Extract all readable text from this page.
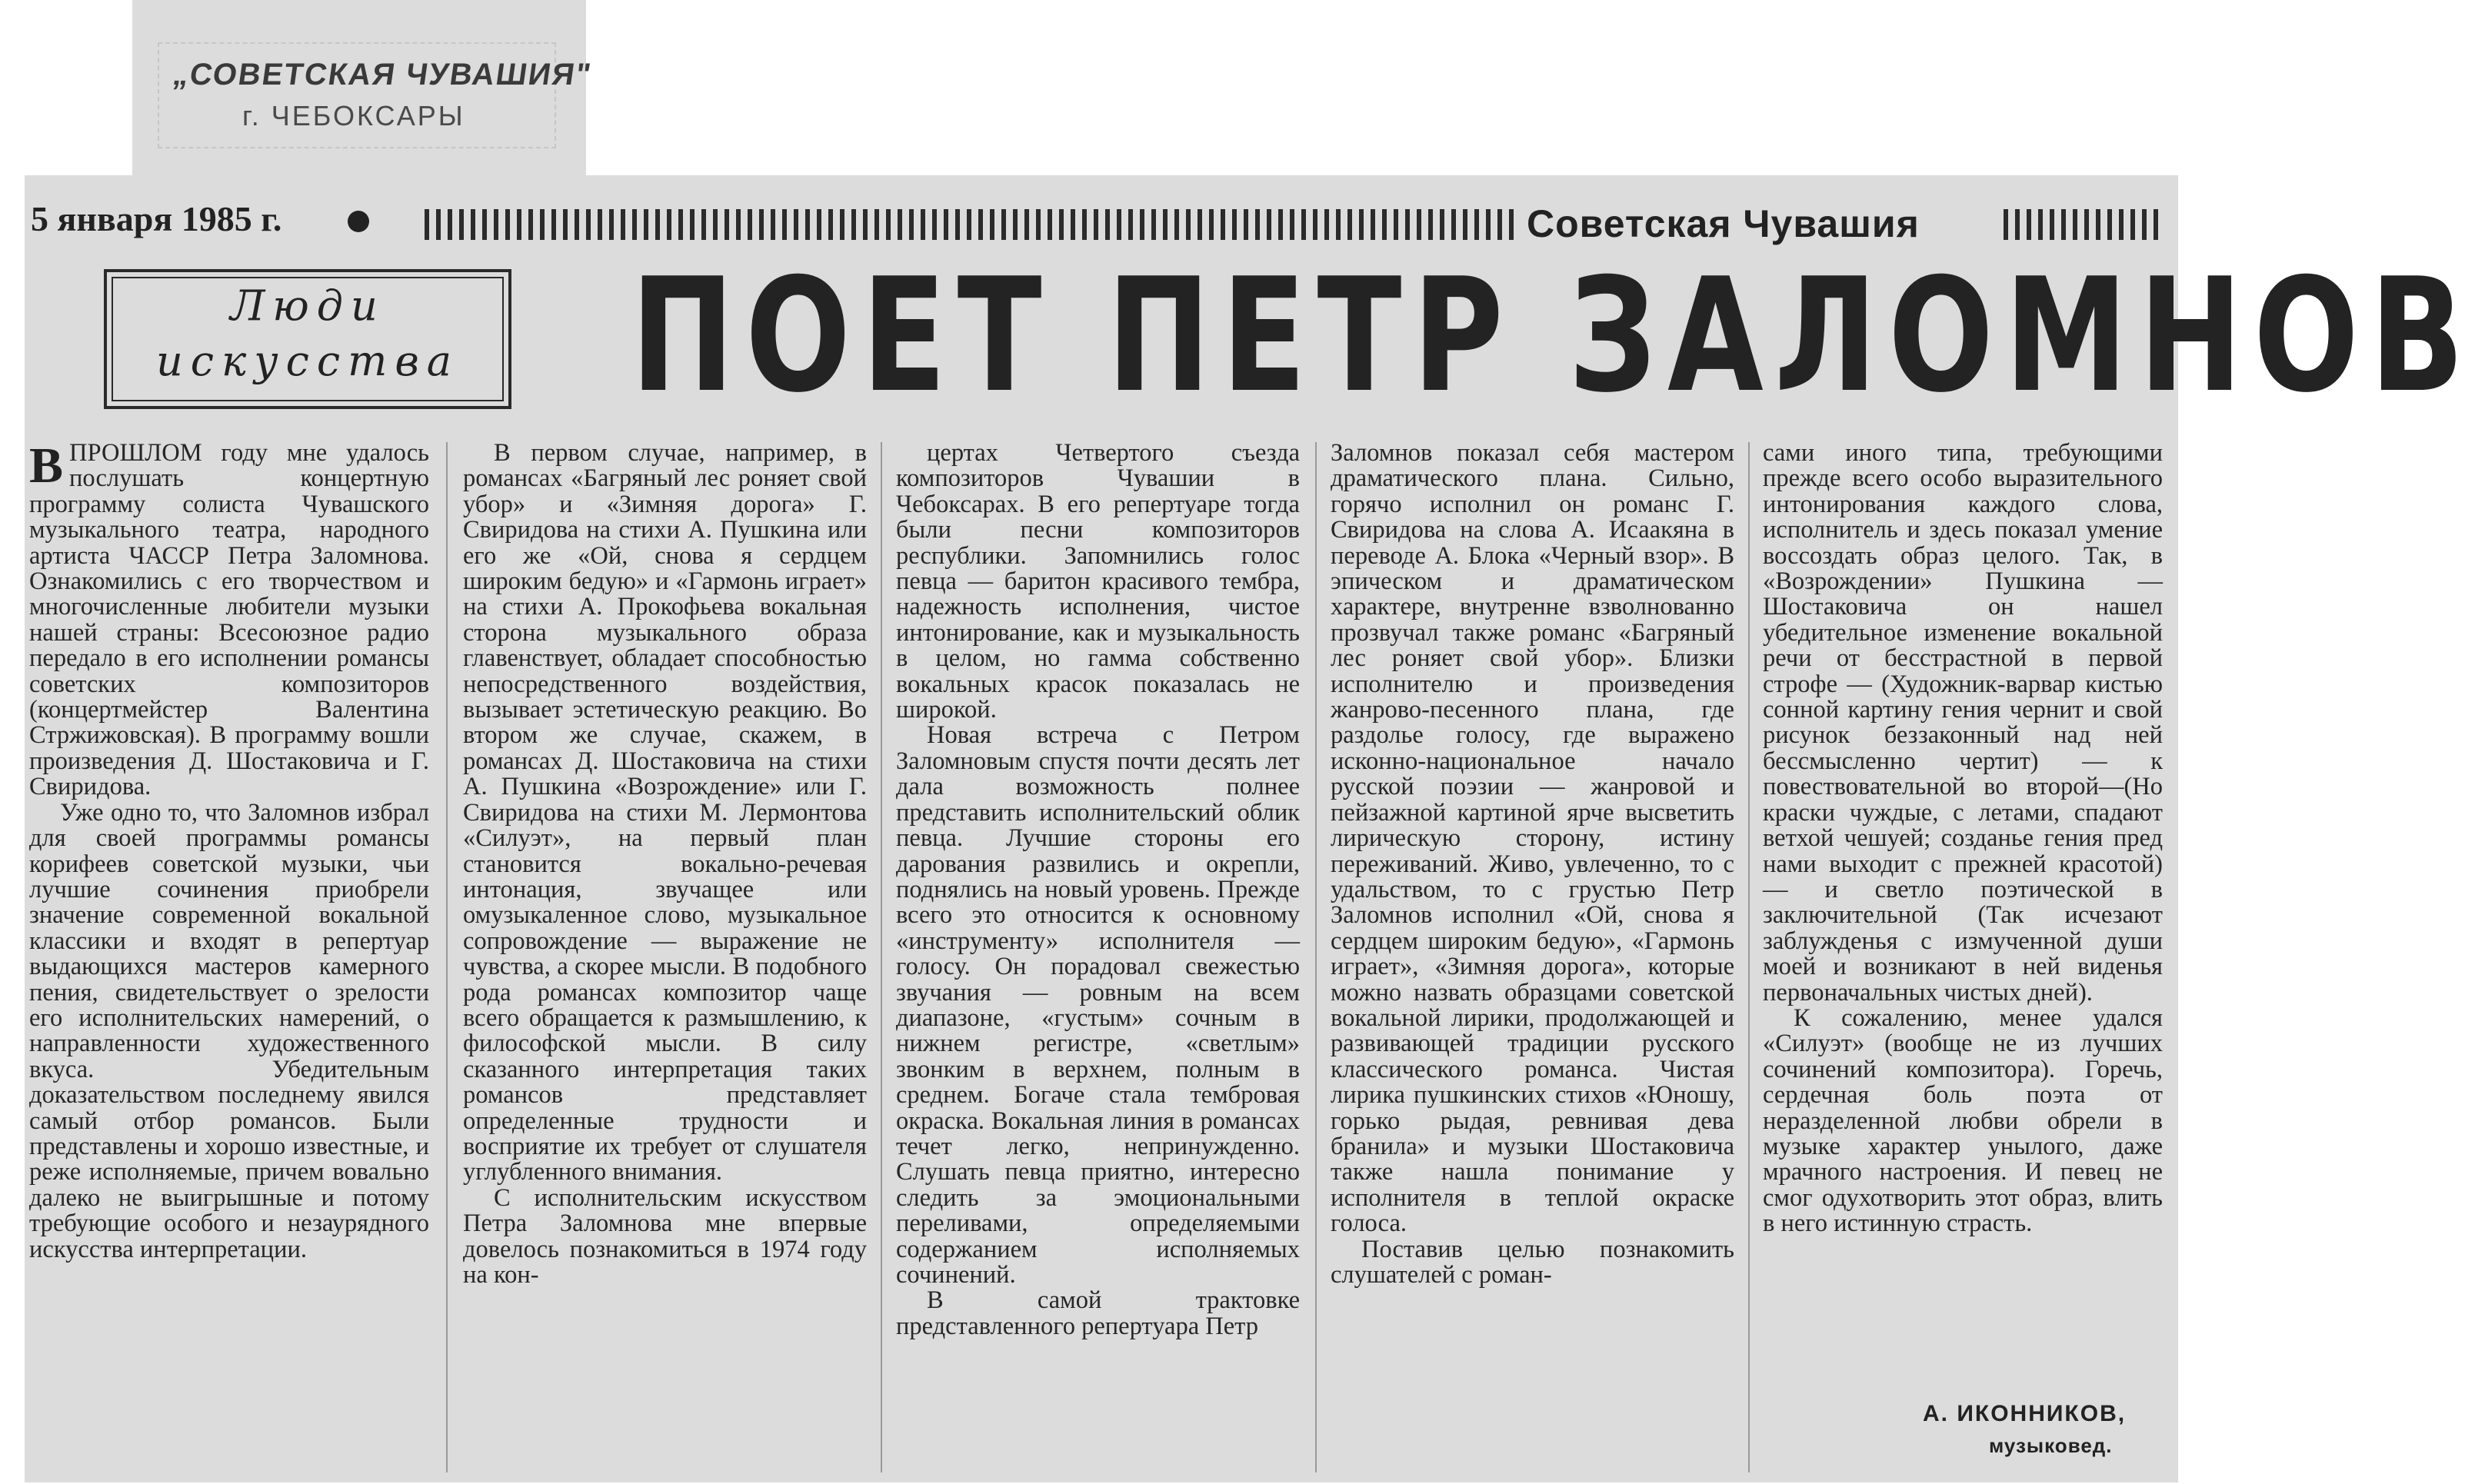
„СОВЕТСКАЯ ЧУВАШИЯ"
г. ЧЕБОКСАРЫ
5 января 1985 г.	Советская Чувашия
Люди
искусства ПОЕТ ПЕТР ЗАЛОМНОВ

ВПРОШЛОМ году мне удалось послушать концертную программу солиста Чувашского музыкального театра, народного артиста ЧАССР Петра Заломнова. Ознакомились с его творчеством и многочисленные любители музыки нашей страны: Всесоюзное радио передало в его исполнении романсы советских композиторов (концертмейстер Валентина Стржижовская). В программу вошли произведения Д. Шостаковича и Г. Свиридова.

Уже одно то, что Заломнов избрал для своей программы романсы корифеев советской музыки, чьи лучшие сочинения приобрели значение современной вокальной классики и входят в репертуар выдающихся мастеров камерного пения, свидетельствует о зрелости его исполнительских намерений, о направленности художественного вкуса. Убедительным доказательством последнему явился самый отбор романсов. Были представлены и хорошо известные, и реже исполняемые, причем вовально далеко не выигрышные и потому требующие особого и незаурядного искусства интерпретации.

В первом случае, например, в романсах «Багряный лес роняет свой убор» и «Зимняя дорога» Г. Свиридова на стихи А. Пушкина или его же «Ой, снова я сердцем широким бедую» и «Гармонь играет» на стихи А. Прокофьева вокальная сторона музыкального образа главенствует, обладает способностью непосредственного воздействия, вызывает эстетическую реакцию. Во втором же случае, скажем, в романсах Д. Шостаковича на стихи А. Пушкина «Возрождение» или Г. Свиридова на стихи М. Лермонтова «Силуэт», на первый план становится вокально-речевая интонация, звучащее или омузыкаленное слово, музыкальное сопровождение — выражение не чувства, а скорее мысли. В подобного рода романсах композитор чаще всего обращается к размышлению, к философской мысли. В силу сказанного интерпретация таких романсов представляет определенные трудности и восприятие их требует от слушателя углубленного внимания.

С исполнительским искусством Петра Заломнова мне впервые довелось познакомиться в 1974 году на кон-

цертах Четвертого съезда композиторов Чувашии в Чебоксарах. В его репертуаре тогда были песни композиторов республики. Запомнились голос певца — баритон красивого тембра, надежность исполнения, чистое интонирование, как и музыкальность в целом, но гамма собственно вокальных красок показалась не широкой.

Новая встреча с Петром Заломновым спустя почти десять лет дала возможность полнее представить исполнительский облик певца. Лучшие стороны его дарования развились и окрепли, поднялись на новый уровень. Прежде всего это относится к основному «инструменту» исполнителя — голосу. Он порадовал свежестью звучания — ровным на всем диапазоне, «густым» сочным в нижнем регистре, «светлым» звонким в верхнем, полным в среднем. Богаче стала тембровая окраска. Вокальная линия в романсах течет легко, непринужденно. Слушать певца приятно, интересно следить за эмоциональными переливами, определяемыми содержанием исполняемых сочинений.

В самой трактовке представленного репертуара Петр

Заломнов показал себя мастером драматического плана. Сильно, горячо исполнил он романс Г. Свиридова на слова А. Исаакяна в переводе А. Блока «Черный взор». В эпическом и драматическом характере, внутренне взволнованно прозвучал также романс «Багряный лес роняет свой убор». Близки исполнителю и произведения жанрово-песенного плана, где раздолье голосу, где выражено исконно-национальное начало русской поэзии — жанровой и пейзажной картиной ярче высветить лирическую сторону, истину переживаний. Живо, увлеченно, то с удальством, то с грустью Петр Заломнов исполнил «Ой, снова я сердцем широким бедую», «Гармонь играет», «Зимняя дорога», которые можно назвать образцами советской вокальной лирики, продолжающей и развивающей традиции русского классического романса. Чистая лирика пушкинских стихов «Юношу, горько рыдая, ревнивая дева бранила» и музыки Шостаковича также нашла понимание у исполнителя в теплой окраске голоса.

Поставив целью познакомить слушателей с роман-

сами иного типа, требующими прежде всего особо выразительного интонирования каждого слова, исполнитель и здесь показал умение воссоздать образ целого. Так, в «Возрождении» Пушкина — Шостаковича он нашел убедительное изменение вокальной речи от бесстрастной в первой строфе — (Художник-варвар кистью сонной картину гения чернит и свой рисунок беззаконный над ней бессмысленно чертит) — к повествовательной во второй—(Но краски чуждые, с летами, спадают ветхой чешуей; созданье гения пред нами выходит с прежней красотой) — и светло поэтической в заключительной (Так исчезают заблужденья с измученной души моей и возникают в ней виденья первоначальных чистых дней).

К сожалению, менее удался «Силуэт» (вообще не из лучших сочинений композитора). Горечь, сердечная боль поэта от неразделенной любви обрели в музыке характер унылого, даже мрачного настроения. И певец не смог одухотворить этот образ, влить в него истинную страсть.

А. ИКОННИКОВ,
музыковед.
